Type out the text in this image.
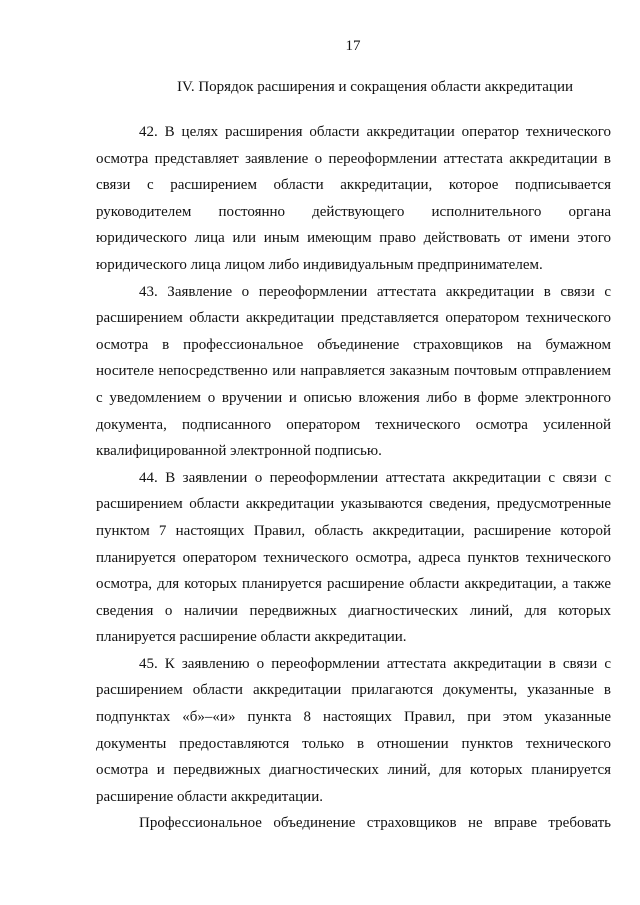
17
IV. Порядок расширения и сокращения области аккредитации

42. В целях расширения области аккредитации оператор технического осмотра представляет заявление о переоформлении аттестата аккредитации в связи с расширением области аккредитации, которое подписывается руководителем постоянно действующего исполнительного органа юридического лица или иным имеющим право действовать от имени этого юридического лица лицом либо индивидуальным предпринимателем.

43. Заявление о переоформлении аттестата аккредитации в связи с расширением области аккредитации представляется оператором технического осмотра в профессиональное объединение страховщиков на бумажном носителе непосредственно или направляется заказным почтовым отправлением с уведомлением о вручении и описью вложения либо в форме электронного документа, подписанного оператором технического осмотра усиленной квалифицированной электронной подписью.

44. В заявлении о переоформлении аттестата аккредитации с связи с расширением области аккредитации указываются сведения, предусмотренные пунктом 7 настоящих Правил, область аккредитации, расширение которой планируется оператором технического осмотра, адреса пунктов технического осмотра, для которых планируется расширение области аккредитации, а также сведения о наличии передвижных диагностических линий, для которых планируется расширение области аккредитации.

45. К заявлению о переоформлении аттестата аккредитации в связи с расширением области аккредитации прилагаются документы, указанные в подпунктах «б»–«и» пункта 8 настоящих Правил, при этом указанные документы предоставляются только в отношении пунктов технического осмотра и передвижных диагностических линий, для которых планируется расширение области аккредитации.

Профессиональное объединение страховщиков не вправе требовать
